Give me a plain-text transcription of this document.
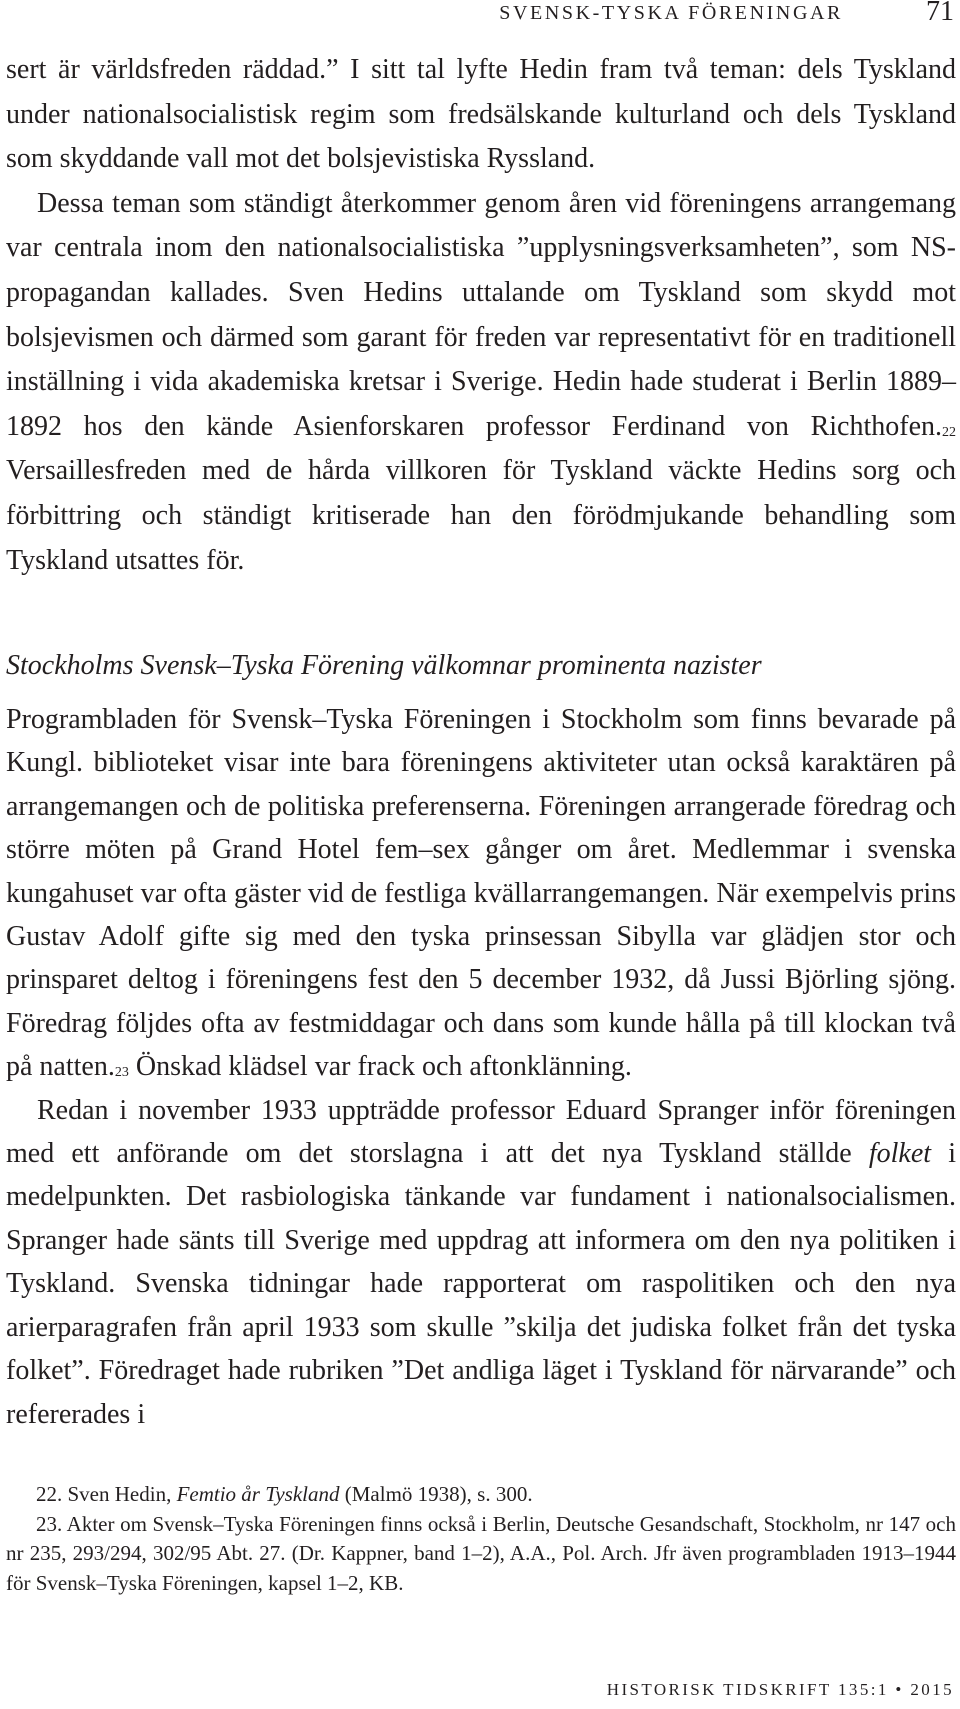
SVENSK-TYSKA FÖRENINGAR	71

sert är världsfreden räddad.” I sitt tal lyfte Hedin fram två teman: dels Tyskland under nationalsocialistisk regim som fredsälskande kulturland och dels Tyskland som skyddande vall mot det bolsjevistiska Ryssland.

Dessa teman som ständigt återkommer genom åren vid föreningens arrangemang var centrala inom den nationalsocialistiska ”upplysningsverksamheten”, som NS-propagandan kallades. Sven Hedins uttalande om Tyskland som skydd mot bolsjevismen och därmed som garant för freden var representativt för en traditionell inställning i vida akademiska kretsar i Sverige. Hedin hade studerat i Berlin 1889–1892 hos den kände Asienforskaren professor Ferdinand von Richthofen.$^{22}$ Versaillesfreden med de hårda villkoren för Tyskland väckte Hedins sorg och förbittring och ständigt kritiserade han den förödmjukande behandling som Tyskland utsattes för.

Stockholms Svensk–Tyska Förening välkomnar prominenta nazister

Programbladen för Svensk–Tyska Föreningen i Stockholm som finns bevarade på Kungl. biblioteket visar inte bara föreningens aktiviteter utan också karaktären på arrangemangen och de politiska preferenserna. Föreningen arrangerade föredrag och större möten på Grand Hotel fem–sex gånger om året. Medlemmar i svenska kungahuset var ofta gäster vid de festliga kvällarrangemangen. När exempelvis prins Gustav Adolf gifte sig med den tyska prinsessan Sibylla var glädjen stor och prinsparet deltog i föreningens fest den 5 december 1932, då Jussi Björling sjöng. Föredrag följdes ofta av festmiddagar och dans som kunde hålla på till klockan två på natten.$^{23}$ Önskad klädsel var frack och aftonklänning.

Redan i november 1933 uppträdde professor Eduard Spranger inför föreningen med ett anförande om det storslagna i att det nya Tyskland ställde folket i medelpunkten. Det rasbiologiska tänkande var fundament i nationalsocialismen. Spranger hade sänts till Sverige med uppdrag att informera om den nya politiken i Tyskland. Svenska tidningar hade rapporterat om raspolitiken och den nya arierparagrafen från april 1933 som skulle ”skilja det judiska folket från det tyska folket”. Föredraget hade rubriken ”Det andliga läget i Tyskland för närvarande” och refererades i

22. Sven Hedin, Femtio år Tyskland (Malmö 1938), s. 300.

23. Akter om Svensk–Tyska Föreningen finns också i Berlin, Deutsche Gesandschaft, Stockholm, nr 147 och nr 235, 293/294, 302/95 Abt. 27. (Dr. Kappner, band 1–2), A.A., Pol. Arch. Jfr även programbladen 1913–1944 för Svensk–Tyska Föreningen, kapsel 1–2, KB.

HISTORISK TIDSKRIFT 135:1 • 2015
